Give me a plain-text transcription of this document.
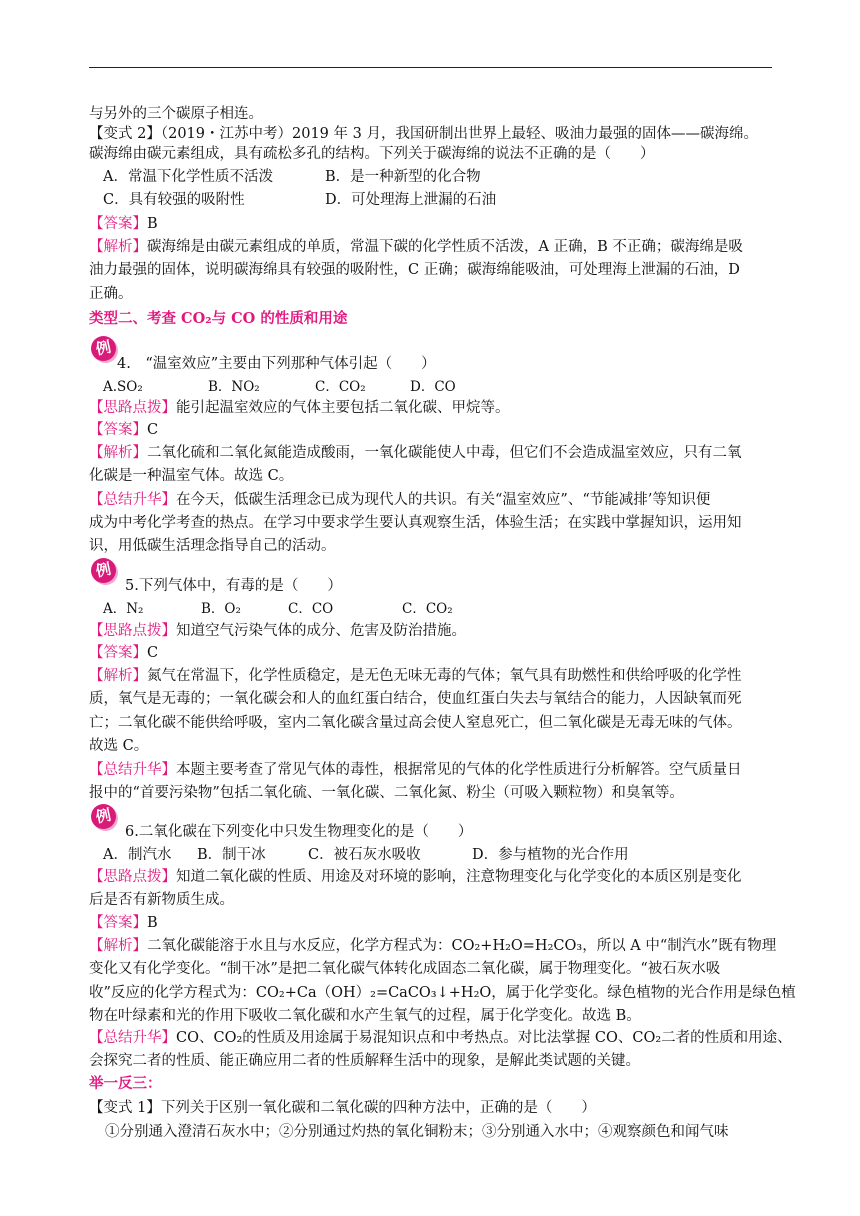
与另外的三个碳原子相连。
【变式 2】（2019・江苏中考）2019 年 3 月，我国研制出世界上最轻、吸油力最强的固体——碳海绵。
碳海绵由碳元素组成，具有疏松多孔的结构。下列关于碳海绵的说法不正确的是（　　）
A．常温下化学性质不活泼	B．是一种新型的化合物
C．具有较强的吸附性	D．可处理海上泄漏的石油
【答案】B
【解析】碳海绵是由碳元素组成的单质，常温下碳的化学性质不活泼，A 正确，B 不正确；碳海绵是吸
油力最强的固体，说明碳海绵具有较强的吸附性，C 正确；碳海绵能吸油，可处理海上泄漏的石油，D
正确。
类型二、考查 CO₂与 CO 的性质和用途
例
4.　“温室效应”主要由下列那种气体引起（　　）
A.SO₂	B．NO₂	C．CO₂	D．CO
【思路点拨】能引起温室效应的气体主要包括二氧化碳、甲烷等。
【答案】C
【解析】二氧化硫和二氧化氮能造成酸雨，一氧化碳能使人中毒，但它们不会造成温室效应，只有二氧
化碳是一种温室气体。故选 C。
【总结升华】在今天，低碳生活理念已成为现代人的共识。有关“温室效应”、“节能减排’等知识便
成为中考化学考查的热点。在学习中要求学生要认真观察生活，体验生活；在实践中掌握知识，运用知
识，用低碳生活理念指导自己的活动。
例
5.下列气体中，有毒的是（　　）
A．N₂	B．O₂	C．CO	C．CO₂
【思路点拨】知道空气污染气体的成分、危害及防治措施。
【答案】C
【解析】氮气在常温下，化学性质稳定，是无色无味无毒的气体；氧气具有助燃性和供给呼吸的化学性
质，氧气是无毒的；一氧化碳会和人的血红蛋白结合，使血红蛋白失去与氧结合的能力，人因缺氧而死
亡；二氧化碳不能供给呼吸，室内二氧化碳含量过高会使人窒息死亡，但二氧化碳是无毒无味的气体。
故选 C。
【总结升华】本题主要考查了常见气体的毒性，根据常见的气体的化学性质进行分析解答。空气质量日
报中的“首要污染物”包括二氧化硫、一氧化碳、二氧化氮、粉尘（可吸入颗粒物）和臭氧等。
例
6.二氧化碳在下列变化中只发生物理变化的是（　　）
A．制汽水 B．制干冰	C．被石灰水吸收	D．参与植物的光合作用
【思路点拨】知道二氧化碳的性质、用途及对环境的影响，注意物理变化与化学变化的本质区别是变化
后是否有新物质生成。
【答案】B
【解析】二氧化碳能溶于水且与水反应，化学方程式为：CO₂+H₂O=H₂CO₃，所以 A 中“制汽水”既有物理
变化又有化学变化。“制干冰”是把二氧化碳气体转化成固态二氧化碳，属于物理变化。“被石灰水吸
收”反应的化学方程式为：CO₂+Ca（OH）₂=CaCO₃↓+H₂O，属于化学变化。绿色植物的光合作用是绿色植
物在叶绿素和光的作用下吸收二氧化碳和水产生氧气的过程，属于化学变化。故选 B。
【总结升华】CO、CO₂的性质及用途属于易混知识点和中考热点。对比法掌握 CO、CO₂二者的性质和用途、
会探究二者的性质、能正确应用二者的性质解释生活中的现象，是解此类试题的关键。
举一反三：
【变式 1】下列关于区别一氧化碳和二氧化碳的四种方法中，正确的是（　　）
①分别通入澄清石灰水中；②分别通过灼热的氧化铜粉末；③分别通入水中；④观察颜色和闻气味
